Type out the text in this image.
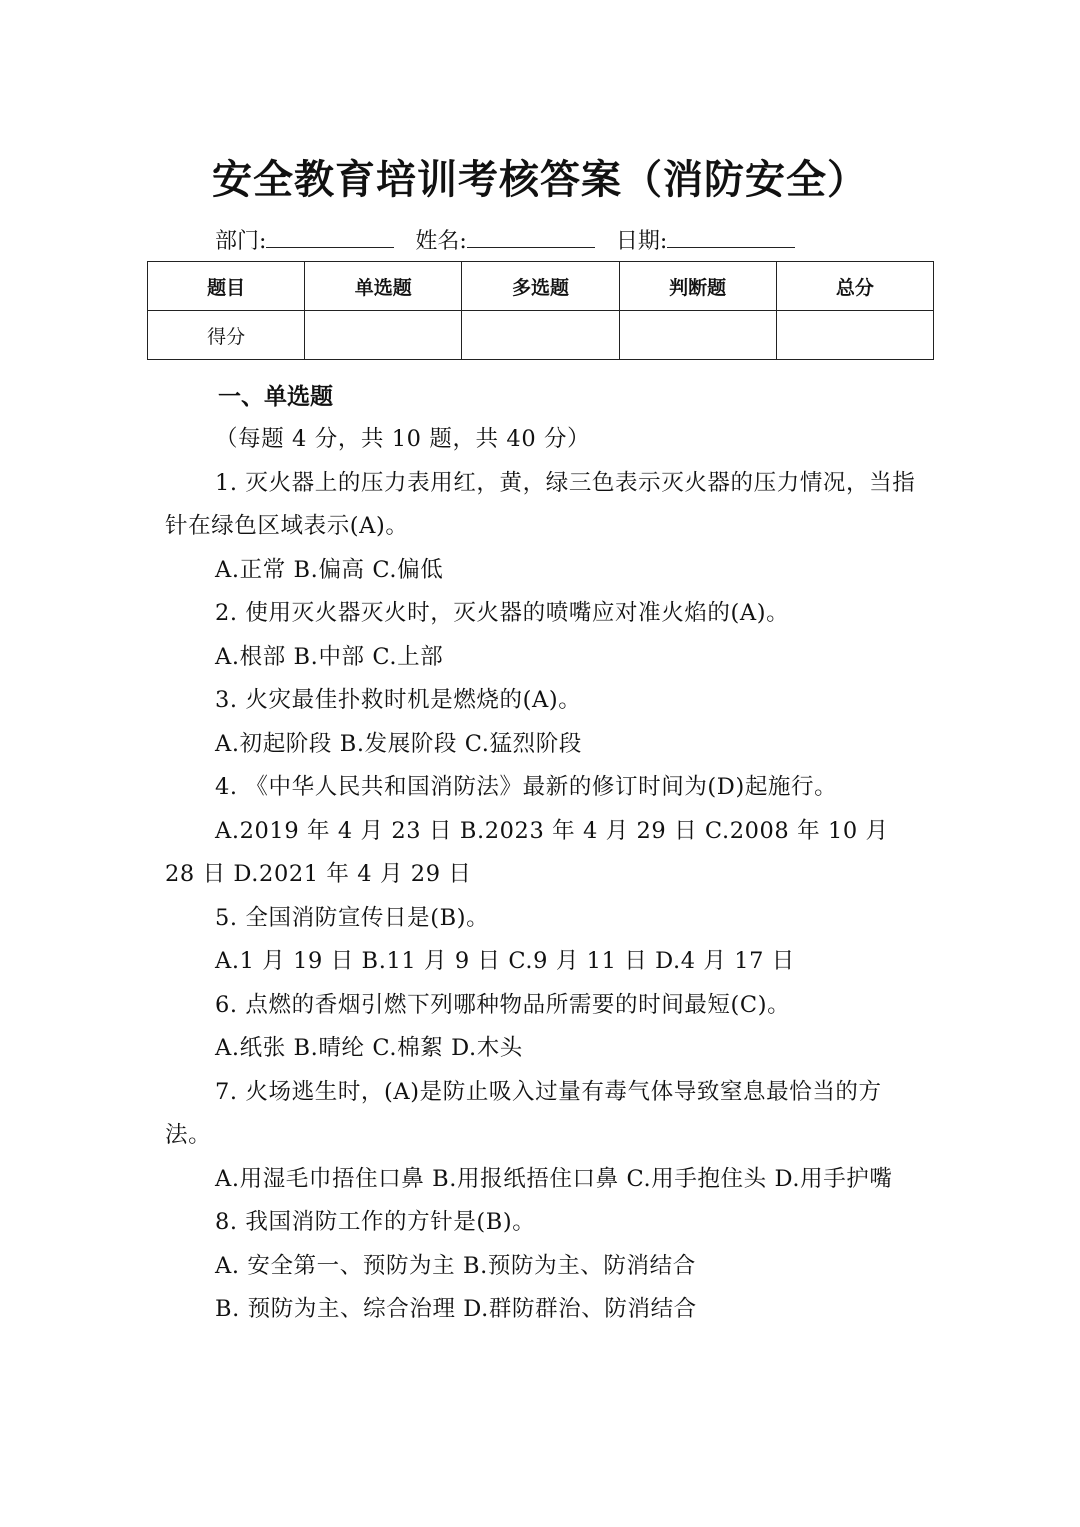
安全教育培训考核答案（消防安全）
部门:	姓名:	日期:
题目	单选题	多选题	判断题	总分
得分				
一、单选题

（每题 4 分，共 10 题，共 40 分）

1. 灭火器上的压力表用红，黄，绿三色表示灭火器的压力情况，当指针在绿色区域表示(A)。

A.正常 B.偏高 C.偏低

2. 使用灭火器灭火时，灭火器的喷嘴应对准火焰的(A)。

A.根部 B.中部 C.上部

3. 火灾最佳扑救时机是燃烧的(A)。

A.初起阶段 B.发展阶段 C.猛烈阶段

4. 《中华人民共和国消防法》最新的修订时间为(D)起施行。

A.2019 年 4 月 23 日 B.2023 年 4 月 29 日 C.2008 年 10 月 28 日 D.2021 年 4 月 29 日

5. 全国消防宣传日是(B)。

A.1 月 19 日 B.11 月 9 日 C.9 月 11 日 D.4 月 17 日

6. 点燃的香烟引燃下列哪种物品所需要的时间最短(C)。

A.纸张 B.晴纶 C.棉絮 D.木头

7. 火场逃生时，(A)是防止吸入过量有毒气体导致窒息最恰当的方法。

A.用湿毛巾捂住口鼻 B.用报纸捂住口鼻 C.用手抱住头 D.用手护嘴

8. 我国消防工作的方针是(B)。

A. 安全第一、预防为主 B.预防为主、防消结合

B. 预防为主、综合治理 D.群防群治、防消结合
